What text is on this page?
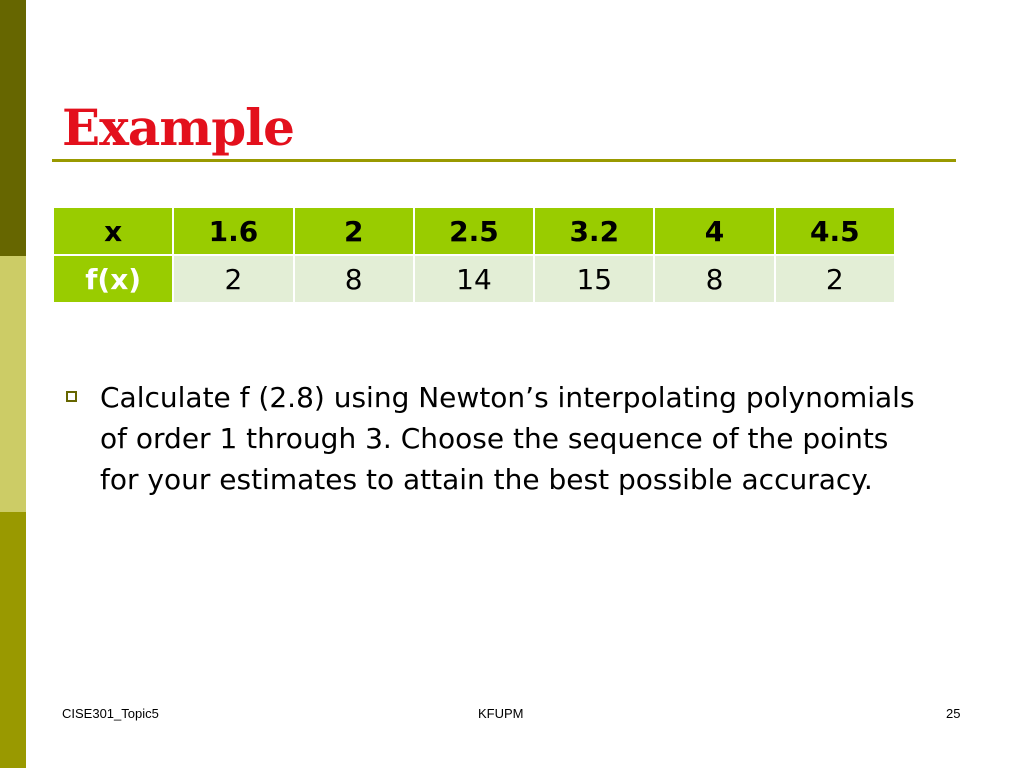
Example
x	1.6	2	2.5	3.2	4	4.5
f(x)	2	8	14	15	8	2
Calculate f (2.8) using Newton’s interpolating polynomials of order 1 through 3. Choose the sequence of the points for your estimates to attain the best possible accuracy.
CISE301_Topic5	KFUPM	25
